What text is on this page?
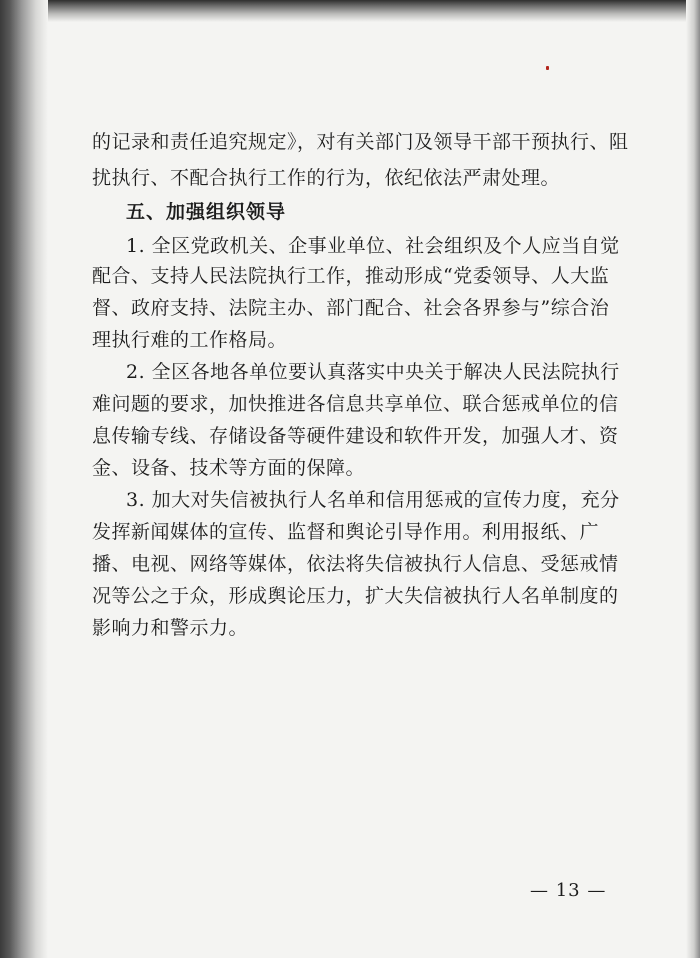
的记录和责任追究规定》，对有关部门及领导干部干预执行、阻
扰执行、不配合执行工作的行为，依纪依法严肃处理。
五、加强组织领导
1. 全区党政机关、企事业单位、社会组织及个人应当自觉
配合、支持人民法院执行工作，推动形成“党委领导、人大监
督、政府支持、法院主办、部门配合、社会各界参与”综合治
理执行难的工作格局。
2. 全区各地各单位要认真落实中央关于解决人民法院执行
难问题的要求，加快推进各信息共享单位、联合惩戒单位的信
息传输专线、存储设备等硬件建设和软件开发，加强人才、资
金、设备、技术等方面的保障。
3. 加大对失信被执行人名单和信用惩戒的宣传力度，充分
发挥新闻媒体的宣传、监督和舆论引导作用。利用报纸、广
播、电视、网络等媒体，依法将失信被执行人信息、受惩戒情
况等公之于众，形成舆论压力，扩大失信被执行人名单制度的
影响力和警示力。
— 13 —
